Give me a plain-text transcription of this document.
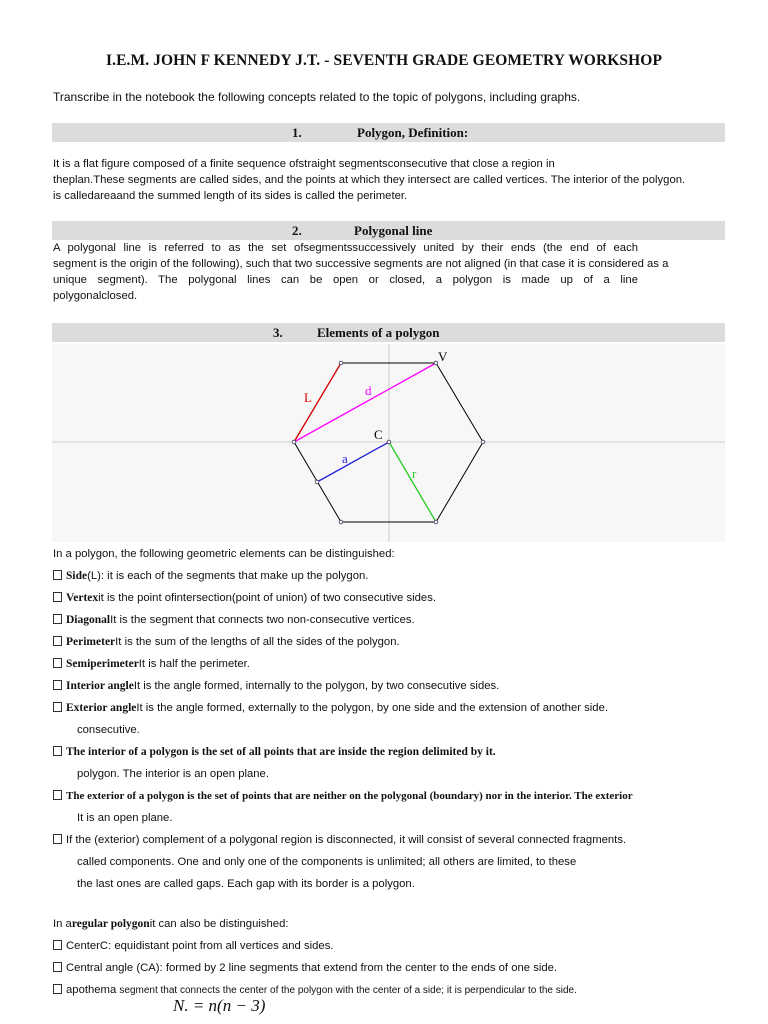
I.E.M. JOHN F KENNEDY J.T. - SEVENTH GRADE GEOMETRY WORKSHOP
Transcribe in the notebook the following concepts related to the topic of polygons, including graphs.
1.	Polygon, Definition:
It is a flat figure composed of a finite sequence ofstraight segmentsconsecutive that close a region in
theplan.These segments are called sides, and the points at which they intersect are called vertices. The interior of the polygon.
is calledareaand the summed length of its sides is called the perimeter.
2.	Polygonal line
A polygonal line is referred to as the set ofsegmentssuccessively united by their ends (the end of each
segment is the origin of the following), such that two successive segments are not aligned (in that case it is considered as a
unique segment). The polygonal lines can be open or closed, a polygon is made up of a line
polygonalclosed.
3.	Elements of a polygon
L	d
V
C
a
r
In a polygon, the following geometric elements can be distinguished:
Side(L): it is each of the segments that make up the polygon.
Vertexit is the point ofintersection(point of union) of two consecutive sides.
DiagonalIt is the segment that connects two non-consecutive vertices.
PerimeterIt is the sum of the lengths of all the sides of the polygon.
SemiperimeterIt is half the perimeter.
Interior angleIt is the angle formed, internally to the polygon, by two consecutive sides.
Exterior angleIt is the angle formed, externally to the polygon, by one side and the extension of another side.
consecutive.
The interior of a polygon is the set of all points that are inside the region delimited by it.
polygon. The interior is an open plane.
The exterior of a polygon is the set of points that are neither on the polygonal (boundary) nor in the interior. The exterior
It is an open plane.
If the (exterior) complement of a polygonal region is disconnected, it will consist of several connected fragments.
called components. One and only one of the components is unlimited; all others are limited, to these
the last ones are called gaps. Each gap with its border is a polygon.
In aregular polygonit can also be distinguished:
CenterC: equidistant point from all vertices and sides.
Central angle (CA): formed by 2 line segments that extend from the center to the ends of one side.
apothema segment that connects the center of the polygon with the center of a side; it is perpendicular to the side.
N. = n(n − 3)
